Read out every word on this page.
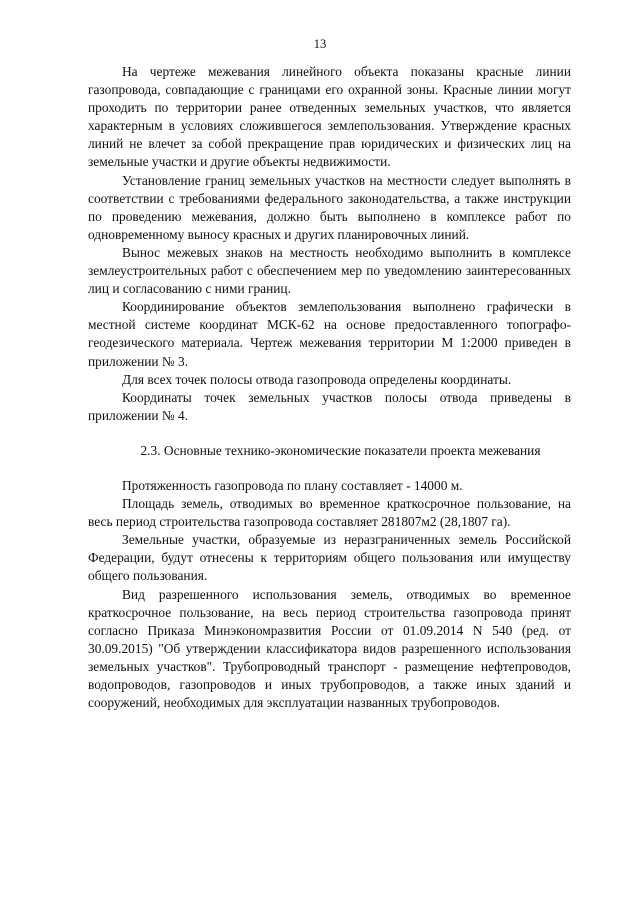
13

На чертеже межевания линейного объекта показаны красные линии газопровода, совпадающие с границами его охранной зоны. Красные линии могут проходить по территории ранее отведенных земельных участков, что является характерным в условиях сложившегося землепользования. Утверждение красных линий не влечет за собой прекращение прав юридических и физических лиц на земельные участки и другие объекты недвижимости.

Установление границ земельных участков на местности следует выполнять в соответствии с требованиями федерального законодательства, а также инструкции по проведению межевания, должно быть выполнено в комплексе работ по одновременному выносу красных и других планировочных линий.

Вынос межевых знаков на местность необходимо выполнить в комплексе землеустроительных работ с обеспечением мер по уведомлению заинтересованных лиц и согласованию с ними границ.

Координирование объектов землепользования выполнено графически в местной системе координат МСК-62 на основе предоставленного топографо-геодезического материала. Чертеж межевания территории М 1:2000 приведен в приложении № 3.

Для всех точек полосы отвода газопровода определены координаты.

Координаты точек земельных участков полосы отвода приведены в приложении № 4.

2.3. Основные технико-экономические показатели проекта межевания

Протяженность газопровода по плану составляет - 14000 м.

Площадь земель, отводимых во временное краткосрочное пользование, на весь период строительства газопровода составляет 281807м2 (28,1807 га).

Земельные участки, образуемые из неразграниченных земель Российской Федерации, будут отнесены к территориям общего пользования или имуществу общего пользования.

Вид разрешенного использования земель, отводимых во временное краткосрочное пользование, на весь период строительства газопровода принят согласно Приказа Минэкономразвития России от 01.09.2014 N 540 (ред. от 30.09.2015) "Об утверждении классификатора видов разрешенного использования земельных участков". Трубопроводный транспорт - размещение нефтепроводов, водопроводов, газопроводов и иных трубопроводов, а также иных зданий и сооружений, необходимых для эксплуатации названных трубопроводов.
